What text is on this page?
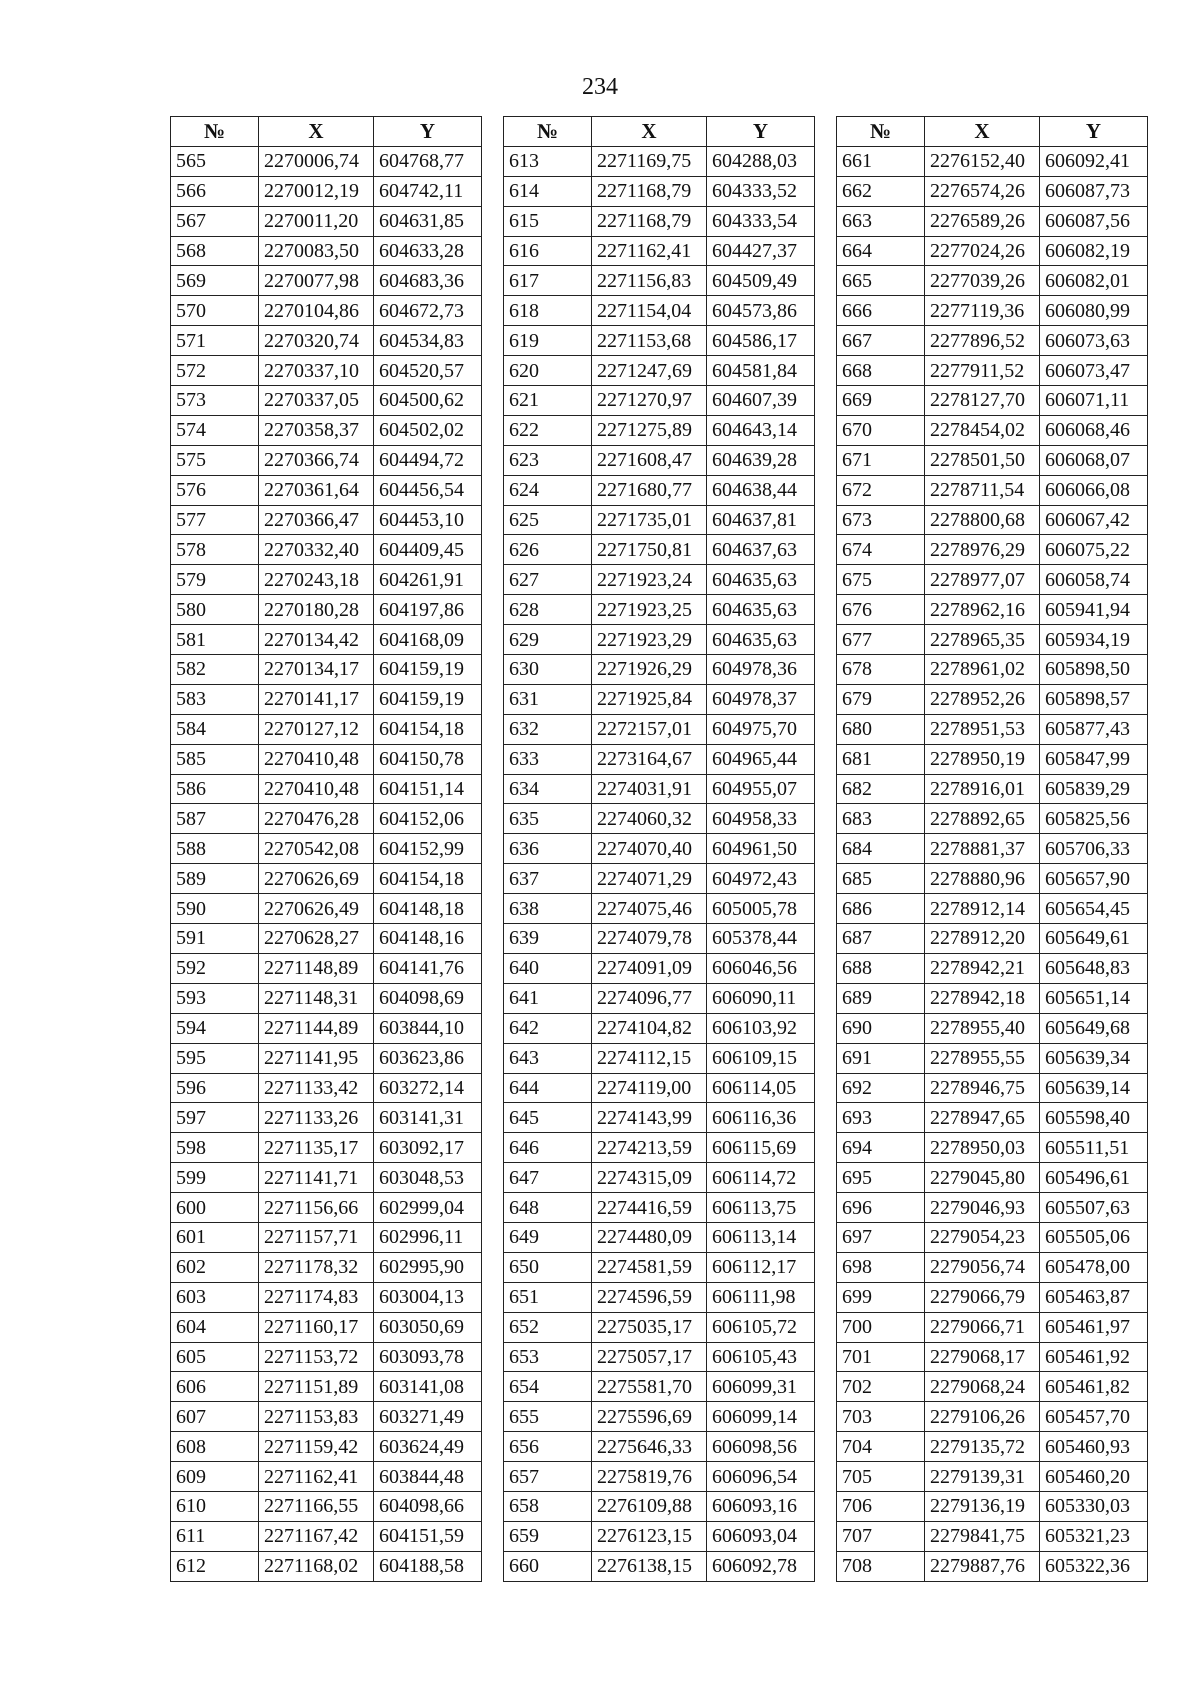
234
№	X	Y
565	2270006,74	604768,77
566	2270012,19	604742,11
567	2270011,20	604631,85
568	2270083,50	604633,28
569	2270077,98	604683,36
570	2270104,86	604672,73
571	2270320,74	604534,83
572	2270337,10	604520,57
573	2270337,05	604500,62
574	2270358,37	604502,02
575	2270366,74	604494,72
576	2270361,64	604456,54
577	2270366,47	604453,10
578	2270332,40	604409,45
579	2270243,18	604261,91
580	2270180,28	604197,86
581	2270134,42	604168,09
582	2270134,17	604159,19
583	2270141,17	604159,19
584	2270127,12	604154,18
585	2270410,48	604150,78
586	2270410,48	604151,14
587	2270476,28	604152,06
588	2270542,08	604152,99
589	2270626,69	604154,18
590	2270626,49	604148,18
591	2270628,27	604148,16
592	2271148,89	604141,76
593	2271148,31	604098,69
594	2271144,89	603844,10
595	2271141,95	603623,86
596	2271133,42	603272,14
597	2271133,26	603141,31
598	2271135,17	603092,17
599	2271141,71	603048,53
600	2271156,66	602999,04
601	2271157,71	602996,11
602	2271178,32	602995,90
603	2271174,83	603004,13
604	2271160,17	603050,69
605	2271153,72	603093,78
606	2271151,89	603141,08
607	2271153,83	603271,49
608	2271159,42	603624,49
609	2271162,41	603844,48
610	2271166,55	604098,66
611	2271167,42	604151,59
612	2271168,02	604188,58
№	X	Y
613	2271169,75	604288,03
614	2271168,79	604333,52
615	2271168,79	604333,54
616	2271162,41	604427,37
617	2271156,83	604509,49
618	2271154,04	604573,86
619	2271153,68	604586,17
620	2271247,69	604581,84
621	2271270,97	604607,39
622	2271275,89	604643,14
623	2271608,47	604639,28
624	2271680,77	604638,44
625	2271735,01	604637,81
626	2271750,81	604637,63
627	2271923,24	604635,63
628	2271923,25	604635,63
629	2271923,29	604635,63
630	2271926,29	604978,36
631	2271925,84	604978,37
632	2272157,01	604975,70
633	2273164,67	604965,44
634	2274031,91	604955,07
635	2274060,32	604958,33
636	2274070,40	604961,50
637	2274071,29	604972,43
638	2274075,46	605005,78
639	2274079,78	605378,44
640	2274091,09	606046,56
641	2274096,77	606090,11
642	2274104,82	606103,92
643	2274112,15	606109,15
644	2274119,00	606114,05
645	2274143,99	606116,36
646	2274213,59	606115,69
647	2274315,09	606114,72
648	2274416,59	606113,75
649	2274480,09	606113,14
650	2274581,59	606112,17
651	2274596,59	606111,98
652	2275035,17	606105,72
653	2275057,17	606105,43
654	2275581,70	606099,31
655	2275596,69	606099,14
656	2275646,33	606098,56
657	2275819,76	606096,54
658	2276109,88	606093,16
659	2276123,15	606093,04
660	2276138,15	606092,78
№	X	Y
661	2276152,40	606092,41
662	2276574,26	606087,73
663	2276589,26	606087,56
664	2277024,26	606082,19
665	2277039,26	606082,01
666	2277119,36	606080,99
667	2277896,52	606073,63
668	2277911,52	606073,47
669	2278127,70	606071,11
670	2278454,02	606068,46
671	2278501,50	606068,07
672	2278711,54	606066,08
673	2278800,68	606067,42
674	2278976,29	606075,22
675	2278977,07	606058,74
676	2278962,16	605941,94
677	2278965,35	605934,19
678	2278961,02	605898,50
679	2278952,26	605898,57
680	2278951,53	605877,43
681	2278950,19	605847,99
682	2278916,01	605839,29
683	2278892,65	605825,56
684	2278881,37	605706,33
685	2278880,96	605657,90
686	2278912,14	605654,45
687	2278912,20	605649,61
688	2278942,21	605648,83
689	2278942,18	605651,14
690	2278955,40	605649,68
691	2278955,55	605639,34
692	2278946,75	605639,14
693	2278947,65	605598,40
694	2278950,03	605511,51
695	2279045,80	605496,61
696	2279046,93	605507,63
697	2279054,23	605505,06
698	2279056,74	605478,00
699	2279066,79	605463,87
700	2279066,71	605461,97
701	2279068,17	605461,92
702	2279068,24	605461,82
703	2279106,26	605457,70
704	2279135,72	605460,93
705	2279139,31	605460,20
706	2279136,19	605330,03
707	2279841,75	605321,23
708	2279887,76	605322,36
